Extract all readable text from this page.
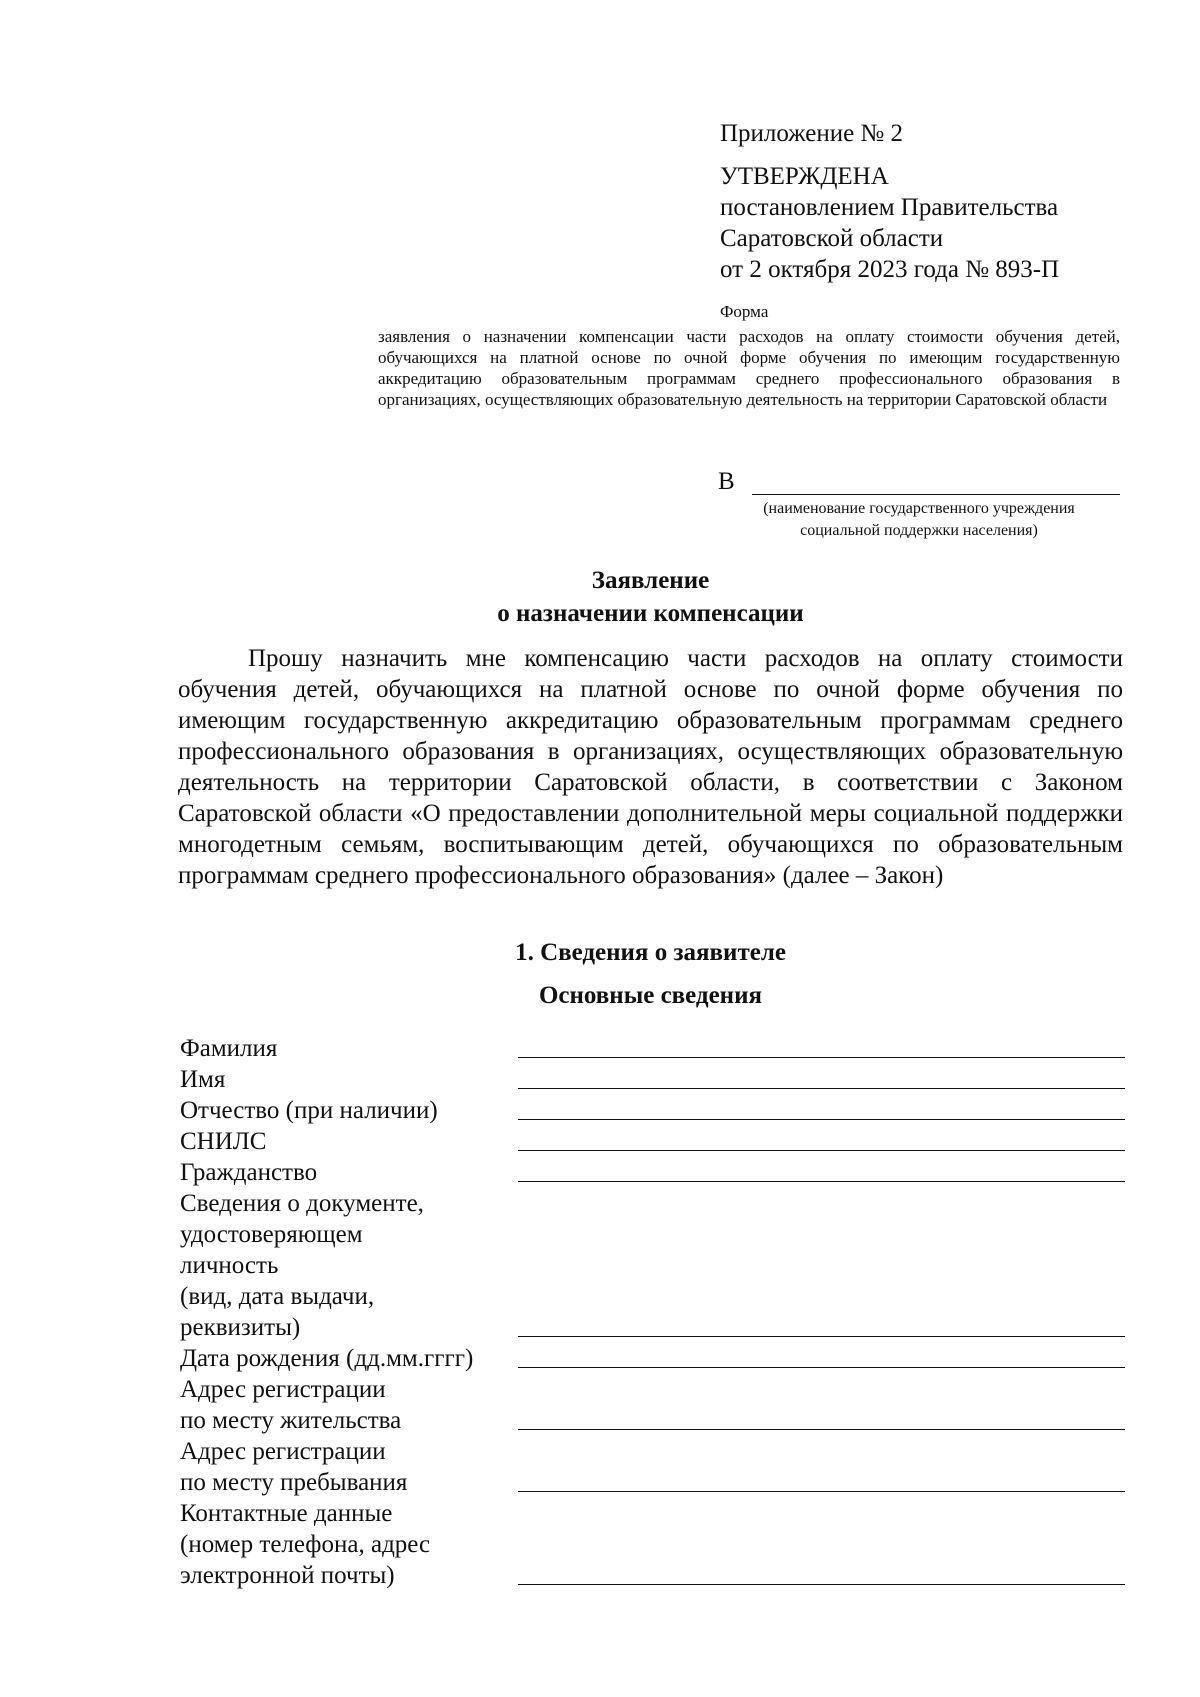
Приложение № 2
УТВЕРЖДЕНА
постановлением Правительства
Саратовской области
от 2 октября 2023 года № 893-П
Форма
заявления о назначении компенсации части расходов на оплату стоимости обучения детей, обучающихся на платной основе по очной форме обучения по имеющим государственную аккредитацию образовательным программам среднего профессионального образования в организациях, осуществляющих образовательную деятельность на территории Саратовской области
В
(наименование государственного учреждения
социальной поддержки населения)
Заявление
о назначении компенсации

Прошу назначить мне компенсацию части расходов на оплату стоимости обучения детей, обучающихся на платной основе по очной форме обучения по имеющим государственную аккредитацию образовательным программам среднего профессионального образования в организациях, осуществляющих образовательную деятельность на территории Саратовской области, в соответствии с Законом Саратовской области «О предоставлении дополнительной меры социальной поддержки многодетным семьям, воспитывающим детей, обучающихся по образовательным программам среднего профессионального образования» (далее – Закон)

1. Сведения о заявителе
Основные сведения
Фамилия
Имя
Отчество (при наличии)
СНИЛС
Гражданство
Сведения о документе,
удостоверяющем
личность
(вид, дата выдачи,
реквизиты)
Дата рождения (дд.мм.гггг)
Адрес регистрации
по месту жительства
Адрес регистрации
по месту пребывания
Контактные данные
(номер телефона, адрес
электронной почты)
